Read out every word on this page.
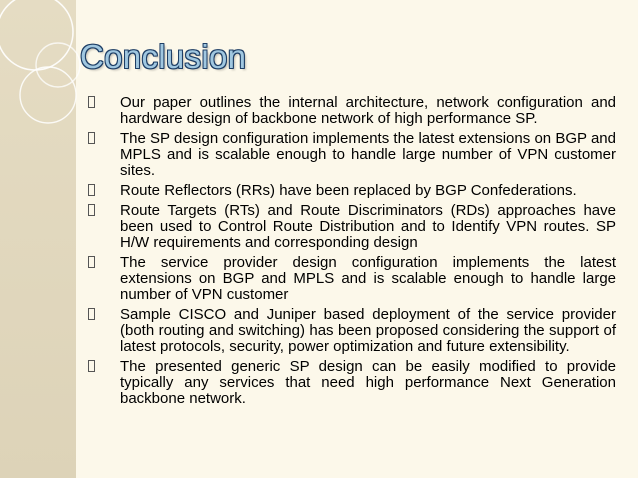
Conclusion
Our paper outlines the internal architecture, network configuration and hardware design of backbone network of high performance SP.
The SP design configuration implements the latest extensions on BGP and MPLS and is scalable enough to handle large number of VPN customer sites.
Route Reflectors (RRs) have been replaced by BGP Confederations.
Route Targets (RTs) and Route Discriminators (RDs) approaches have been used to Control Route Distribution and to Identify VPN routes. SP H/W requirements and corresponding design
The service provider design configuration implements the latest extensions on BGP and MPLS and is scalable enough to handle large number of VPN customer
Sample CISCO and Juniper based deployment of the service provider (both routing and switching) has been proposed considering the support of latest protocols, security, power optimization and future extensibility.
The presented generic SP design can be easily modified to provide typically any services that need high performance Next Generation backbone network.
